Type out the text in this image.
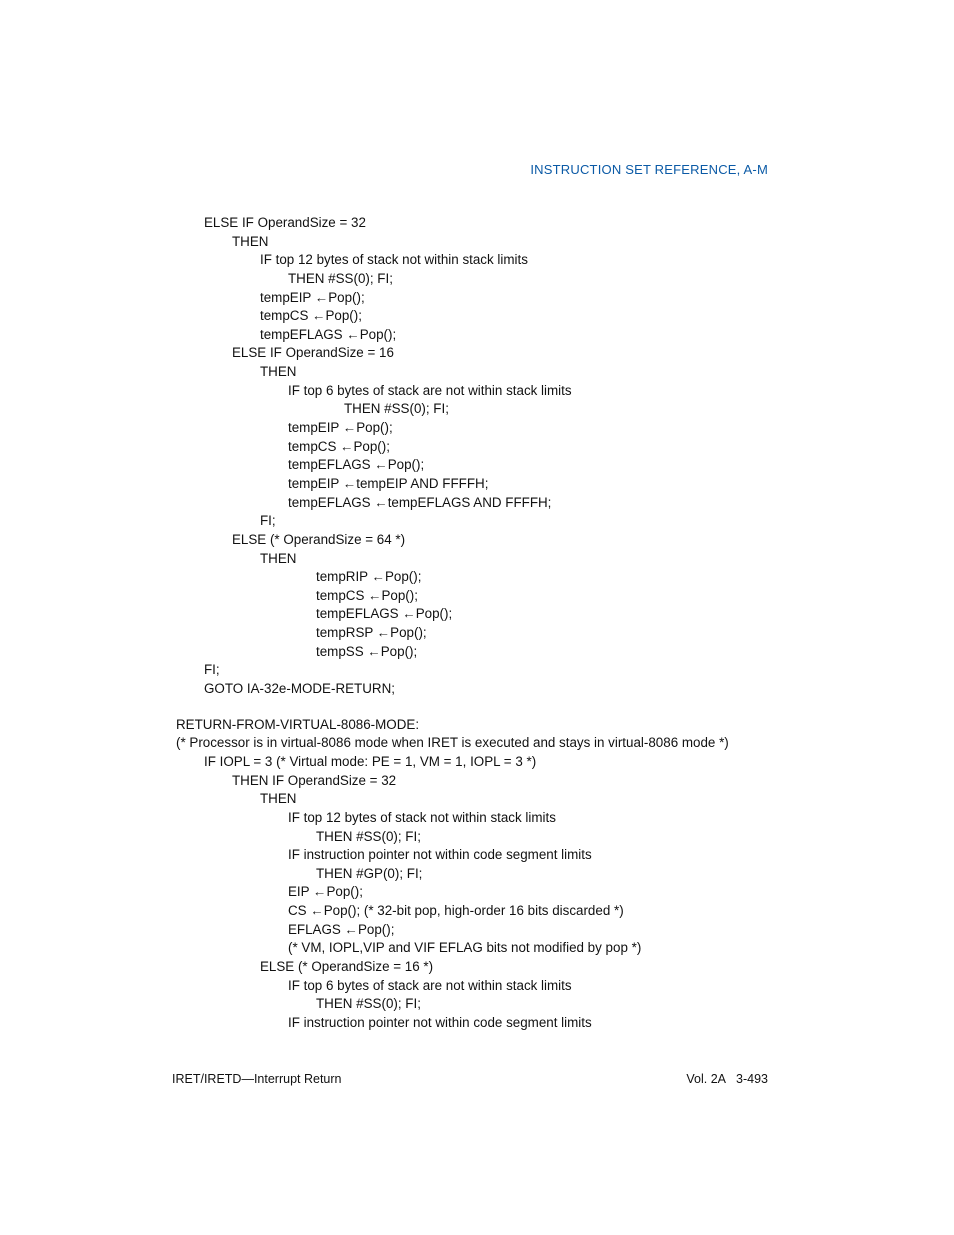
INSTRUCTION SET REFERENCE, A-M
ELSE IF OperandSize = 32
THEN
IF top 12 bytes of stack not within stack limits
THEN #SS(0); FI;
tempEIP ←Pop();
tempCS ←Pop();
tempEFLAGS ←Pop();
ELSE IF OperandSize = 16
THEN
IF top 6 bytes of stack are not within stack limits
THEN #SS(0); FI;
tempEIP ←Pop();
tempCS ←Pop();
tempEFLAGS ←Pop();
tempEIP ←tempEIP AND FFFFH;
tempEFLAGS ←tempEFLAGS AND FFFFH;
FI;
ELSE (* OperandSize = 64 *)
THEN
tempRIP ←Pop();
tempCS ←Pop();
tempEFLAGS ←Pop();
tempRSP ←Pop();
tempSS ←Pop();
FI;
GOTO IA-32e-MODE-RETURN;
RETURN-FROM-VIRTUAL-8086-MODE:
(* Processor is in virtual-8086 mode when IRET is executed and stays in virtual-8086 mode *)
IF IOPL = 3 (* Virtual mode: PE = 1, VM = 1, IOPL = 3 *)
THEN IF OperandSize = 32
THEN
IF top 12 bytes of stack not within stack limits
THEN #SS(0); FI;
IF instruction pointer not within code segment limits
THEN #GP(0); FI;
EIP ←Pop();
CS ←Pop(); (* 32-bit pop, high-order 16 bits discarded *)
EFLAGS ←Pop();
(* VM, IOPL,VIP and VIF EFLAG bits not modified by pop *)
ELSE (* OperandSize = 16 *)
IF top 6 bytes of stack are not within stack limits
THEN #SS(0); FI;
IF instruction pointer not within code segment limits
IRET/IRETD—Interrupt Return	Vol. 2A 3-493
